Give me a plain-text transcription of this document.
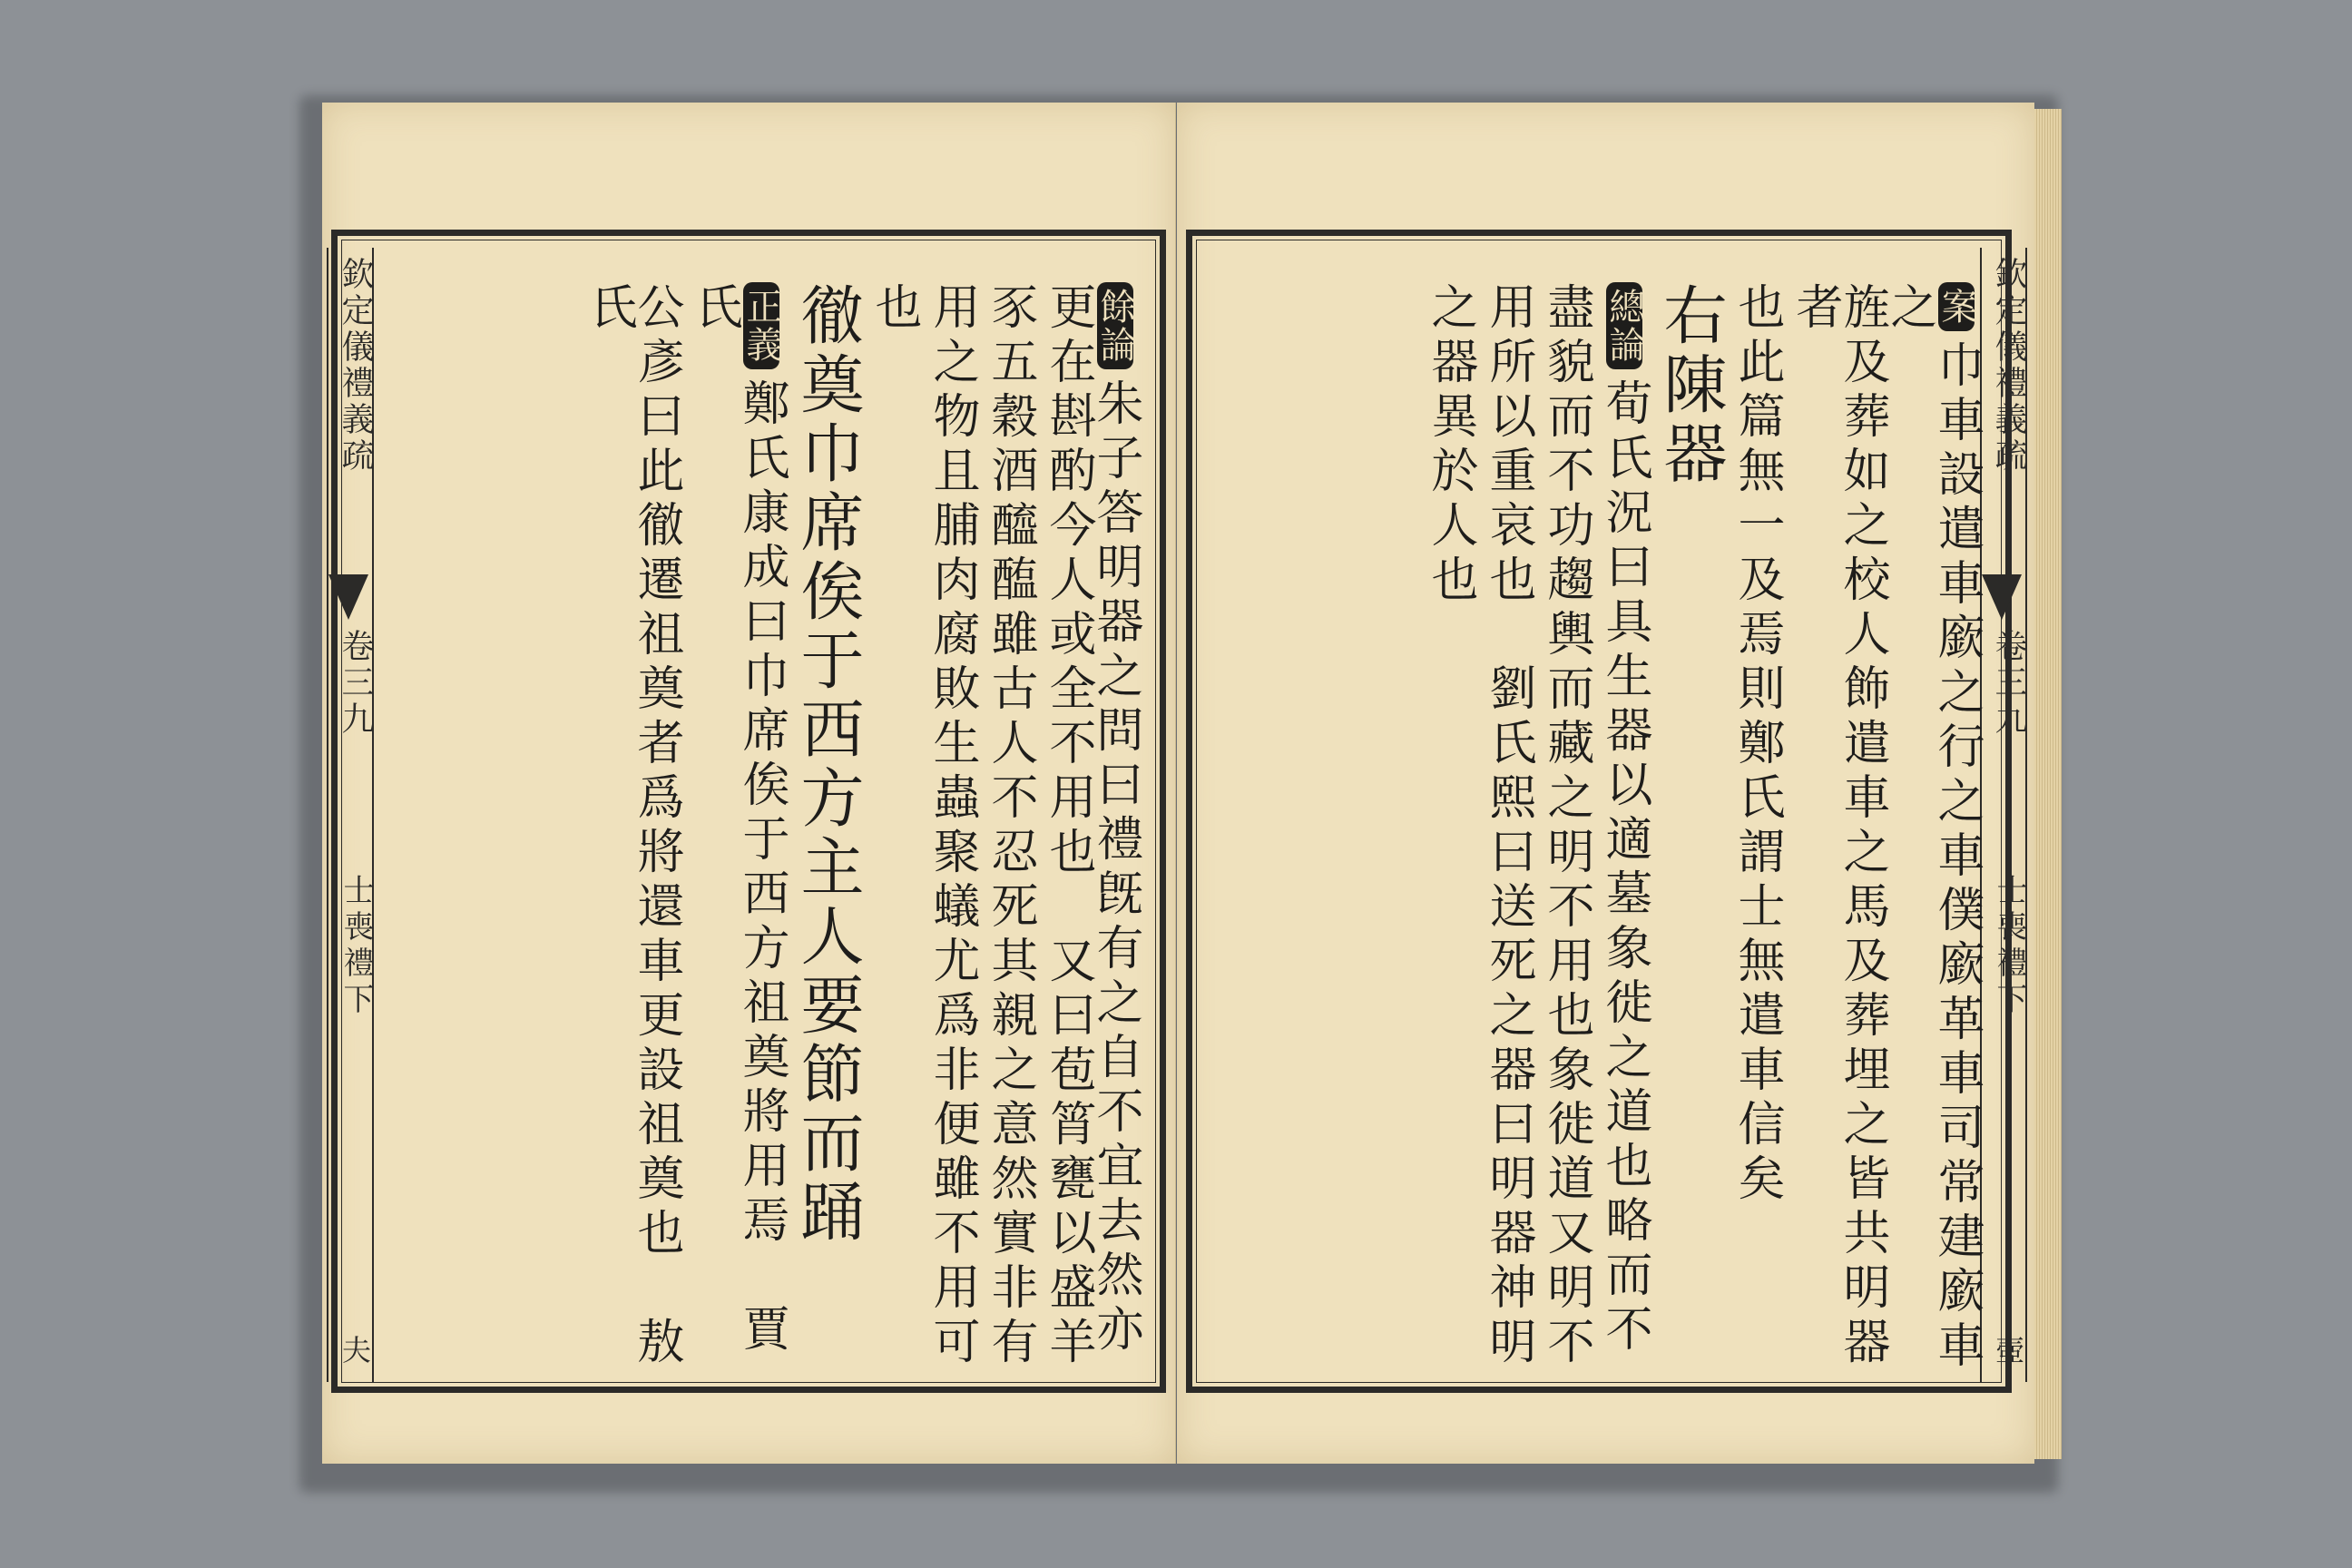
欽定儀禮義疏
卷三九
士喪禮下
夫
餘論朱子答明器之問曰禮旣有之自不宜去然亦
更在斟酌今人或全不用也　又曰苞筲甕以盛羊
豕五穀酒醯醢雖古人不忍死其親之意然實非有
用之物且脯肉腐敗生蟲聚蟻尤爲非便雖不用可
也
徹奠巾席俟于西方主人要節而踊
正義鄭氏康成曰巾席俟于西方祖奠將用焉　賈氏
公彥曰此徹遷祖奠者爲將還車更設祖奠也　敖氏	欽定儀禮義疏
卷三九
士喪禮下
壺
案巾車設遣車廞之行之車僕廞革車司常建廞車之
旌及葬如之校人飾遣車之馬及葬埋之皆共明器者
也此篇無一及焉則鄭氏謂士無遣車信矣
右陳器
總論荀氏況曰具生器以適墓象徙之道也略而不
盡貌而不功趨輿而藏之明不用也象徙道又明不
用所以重哀也　劉氏熙曰送死之器曰明器神明
之器異於人也
